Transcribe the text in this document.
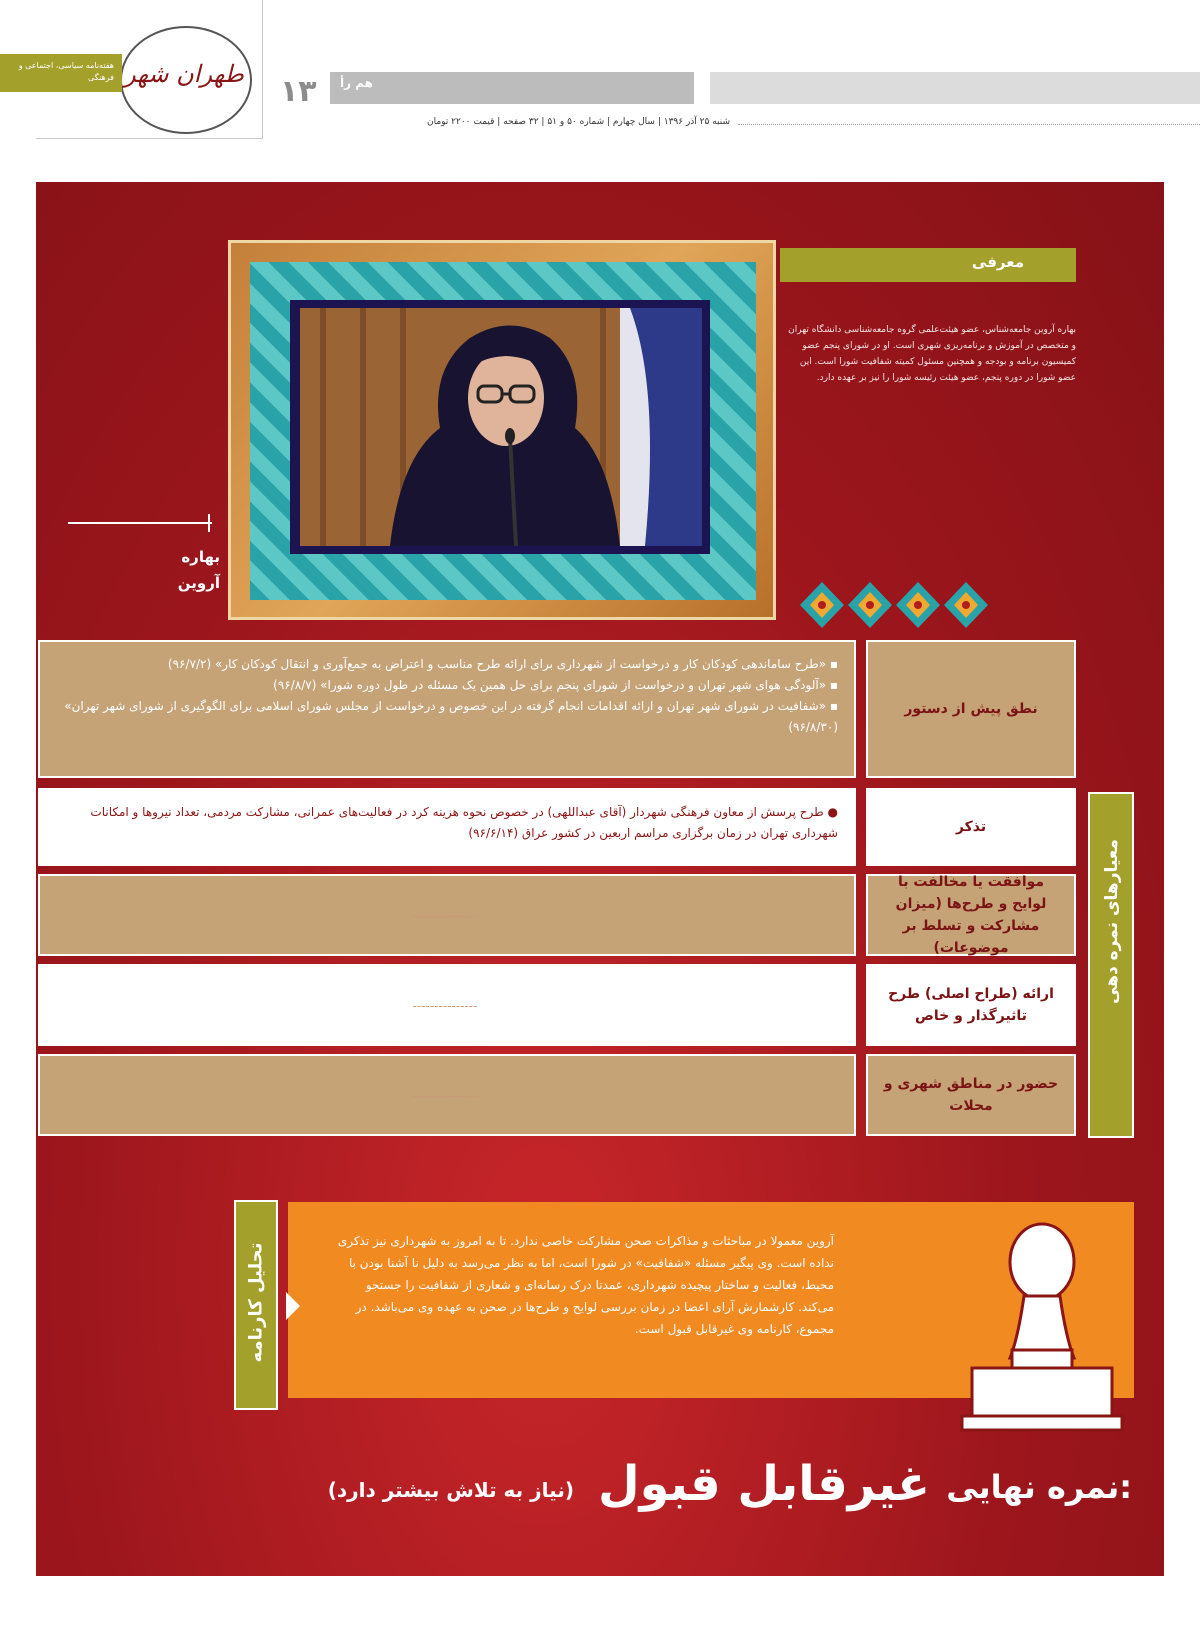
طهران شهر
هفته‌نامه سیاسی، اجتماعی و فرهنگی	۱۳ هم‌ رأ
شنبه ۲۵ آذر ۱۳۹۶ | سال چهارم | شماره ۵۰ و ۵۱ | ۳۲ صفحه | قیمت ۲۲۰۰ تومان
معرفی
بهاره آروین جامعه‌شناس، عضو هیئت‌علمی گروه جامعه‌شناسی دانشگاه تهران و متخصص در آموزش و برنامه‌ریزی شهری است. او در شورای پنجم عضو کمیسیون برنامه و بودجه و همچنین مسئول کمیته شفافیت شورا است. این عضو شورا در دوره پنجم، عضو هیئت رئیسه شورا را نیز بر عهده دارد.
بهاره
آروین
▪ «طرح ساماندهی کودکان کار و درخواست از شهرداری برای ارائه طرح مناسب و اعتراض به جمع‌آوری و انتقال کودکان کار» (۹۶/۷/۲)
▪ «آلودگی هوای شهر تهران و درخواست از شورای پنجم برای حل همین یک مسئله در طول دوره شورا» (۹۶/۸/۷)
▪ «شفافیت در شورای شهر تهران و ارائه اقدامات انجام گرفته در این خصوص و درخواست از مجلس شورای اسلامی برای الگوگیری از شورای شهر تهران» (۹۶/۸/۳۰)
نطق پیش از دستور
● طرح پرسش از معاون فرهنگی شهردار (آقای عبداللهی) در خصوص نحوه هزینه کرد در فعالیت‌های عمرانی، مشارکت مردمی، تعداد نیروها و امکانات شهرداری تهران در زمان برگزاری مراسم اربعین در کشور عراق (۹۶/۶/۱۴)	تذکر
---------------
موافقت یا مخالفت با لوایح و طرح‌ها (میزان مشارکت و تسلط بر موضوعات)
---------------
ارائه (طراح اصلی) طرح تاثیرگذار و خاص
---------------
حضور در مناطق شهری و محلات
معیارهای نمره دهی
تحلیل کارنامه
آروین معمولا در مباحثات و مذاکرات صحن مشارکت خاصی ندارد. تا به امروز به شهرداری نیز تذکری نداده است. وی پیگیر مسئله «شفافیت» در شورا است، اما به نظر می‌رسد به دلیل نا آشنا بودن با محیط، فعالیت و ساختار پیچیده شهرداری، عمدتا درک رسانه‌ای و شعاری از شفافیت را جستجو می‌کند. کارشمارش آرای اعضا در زمان بررسی لوایح و طرح‌ها در صحن به عهده وی می‌باشد. در مجموع، کارنامه وی غیرقابل قبول است.
نمره نهایی:
غیرقابل قبول
(نیاز به تلاش بیشتر دارد)
